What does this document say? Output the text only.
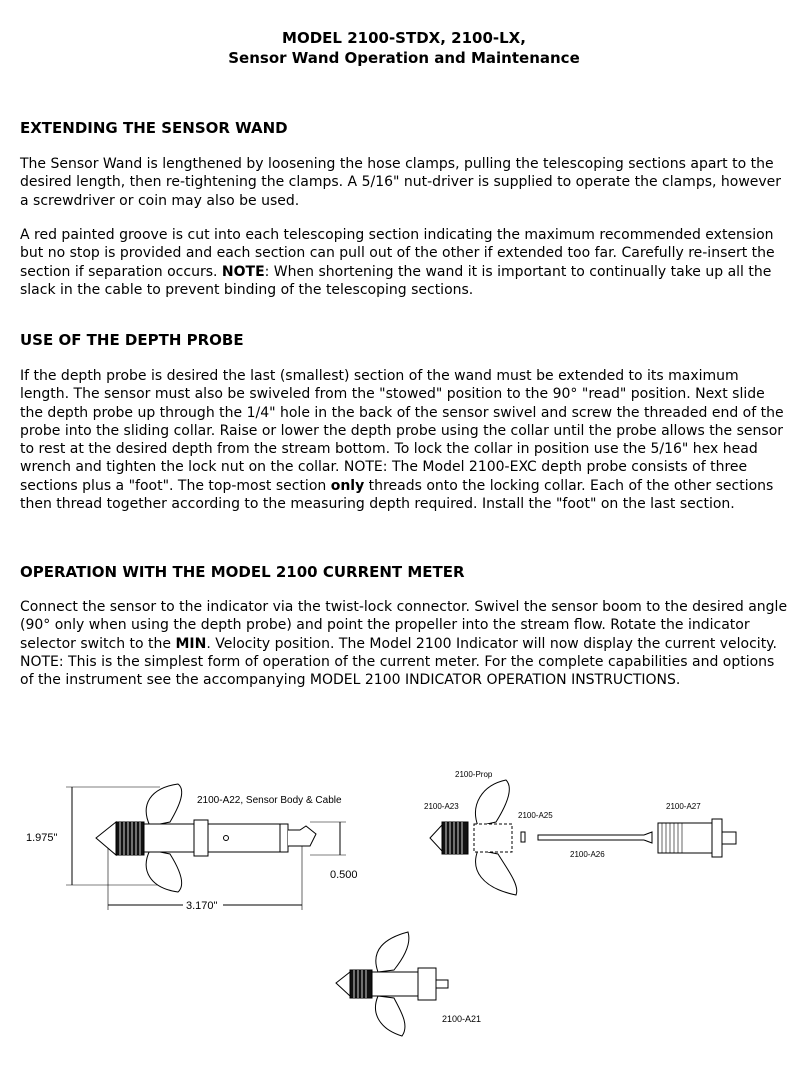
MODEL 2100-STDX, 2100-LX,
Sensor Wand Operation and Maintenance
EXTENDING THE SENSOR WAND

The Sensor Wand is lengthened by loosening the hose clamps, pulling the telescoping sections apart to the desired length, then re-tightening the clamps. A 5/16" nut-driver is supplied to operate the clamps, however a screwdriver or coin may also be used.

A red painted groove is cut into each telescoping section indicating the maximum recommended extension but no stop is provided and each section can pull out of the other if extended too far. Carefully re-insert the section if separation occurs. NOTE: When shortening the wand it is important to continually take up all the slack in the cable to prevent binding of the telescoping sections.

USE OF THE DEPTH PROBE

If the depth probe is desired the last (smallest) section of the wand must be extended to its maximum length. The sensor must also be swiveled from the "stowed" position to the 90° "read" position. Next slide the depth probe up through the 1/4" hole in the back of the sensor swivel and screw the threaded end of the probe into the sliding collar. Raise or lower the depth probe using the collar until the probe allows the sensor to rest at the desired depth from the stream bottom. To lock the collar in position use the 5/16" hex head wrench and tighten the lock nut on the collar. NOTE: The Model 2100-EXC depth probe consists of three sections plus a "foot". The top-most section only threads onto the locking collar. Each of the other sections then thread together according to the measuring depth required. Install the "foot" on the last section.

OPERATION WITH THE MODEL 2100 CURRENT METER

Connect the sensor to the indicator via the twist-lock connector. Swivel the sensor boom to the desired angle (90° only when using the depth probe) and point the propeller into the stream flow. Rotate the indicator selector switch to the MIN. Velocity position. The Model 2100 Indicator will now display the current velocity. NOTE: This is the simplest form of operation of the current meter. For the complete capabilities and options of the instrument see the accompanying MODEL 2100 INDICATOR OPERATION INSTRUCTIONS.

2100-A22, Sensor Body & Cable
1.975"
0.500
3.170"
2100-Prop
2100-A23
2100-A25
2100-A26
2100-A27
2100-A21
